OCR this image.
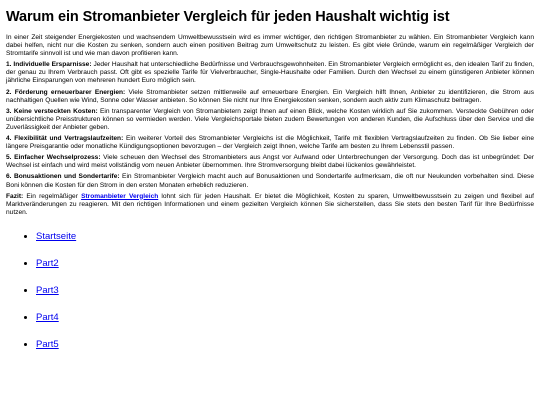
Warum ein Stromanbieter Vergleich für jeden Haushalt wichtig ist

In einer Zeit steigender Energiekosten und wachsendem Umweltbewusstsein wird es immer wichtiger, den richtigen Stromanbieter zu wählen. Ein Stromanbieter Vergleich kann dabei helfen, nicht nur die Kosten zu senken, sondern auch einen positiven Beitrag zum Umweltschutz zu leisten. Es gibt viele Gründe, warum ein regelmäßiger Vergleich der Stromtarife sinnvoll ist und wie man davon profitieren kann.

1. Individuelle Ersparnisse: Jeder Haushalt hat unterschiedliche Bedürfnisse und Verbrauchsgewohnheiten. Ein Stromanbieter Vergleich ermöglicht es, den idealen Tarif zu finden, der genau zu Ihrem Verbrauch passt. Oft gibt es spezielle Tarife für Vielverbraucher, Single-Haushalte oder Familien. Durch den Wechsel zu einem günstigeren Anbieter können jährliche Einsparungen von mehreren hundert Euro möglich sein.

2. Förderung erneuerbarer Energien: Viele Stromanbieter setzen mittlerweile auf erneuerbare Energien. Ein Vergleich hilft Ihnen, Anbieter zu identifizieren, die Strom aus nachhaltigen Quellen wie Wind, Sonne oder Wasser anbieten. So können Sie nicht nur Ihre Energiekosten senken, sondern auch aktiv zum Klimaschutz beitragen.

3. Keine versteckten Kosten: Ein transparenter Vergleich von Stromanbietern zeigt Ihnen auf einen Blick, welche Kosten wirklich auf Sie zukommen. Versteckte Gebühren oder unübersichtliche Preisstrukturen können so vermieden werden. Viele Vergleichsportale bieten zudem Bewertungen von anderen Kunden, die Aufschluss über den Service und die Zuverlässigkeit der Anbieter geben.

4. Flexibilität und Vertragslaufzeiten: Ein weiterer Vorteil des Stromanbieter Vergleichs ist die Möglichkeit, Tarife mit flexiblen Vertragslaufzeiten zu finden. Ob Sie lieber eine längere Preisgarantie oder monatliche Kündigungsoptionen bevorzugen – der Vergleich zeigt Ihnen, welche Tarife am besten zu Ihrem Lebensstil passen.

5. Einfacher Wechselprozess: Viele scheuen den Wechsel des Stromanbieters aus Angst vor Aufwand oder Unterbrechungen der Versorgung. Doch das ist unbegründet: Der Wechsel ist einfach und wird meist vollständig vom neuen Anbieter übernommen. Ihre Stromversorgung bleibt dabei lückenlos gewährleistet.

6. Bonusaktionen und Sondertarife: Ein Stromanbieter Vergleich macht auch auf Bonusaktionen und Sondertarife aufmerksam, die oft nur Neukunden vorbehalten sind. Diese Boni können die Kosten für den Strom in den ersten Monaten erheblich reduzieren.

Fazit: Ein regelmäßiger Stromanbieter Vergleich lohnt sich für jeden Haushalt. Er bietet die Möglichkeit, Kosten zu sparen, Umweltbewusstsein zu zeigen und flexibel auf Marktveränderungen zu reagieren. Mit den richtigen Informationen und einem gezielten Vergleich können Sie sicherstellen, dass Sie stets den besten Tarif für Ihre Bedürfnisse nutzen.

• Startseite
• Part2
• Part3
• Part4
• Part5
